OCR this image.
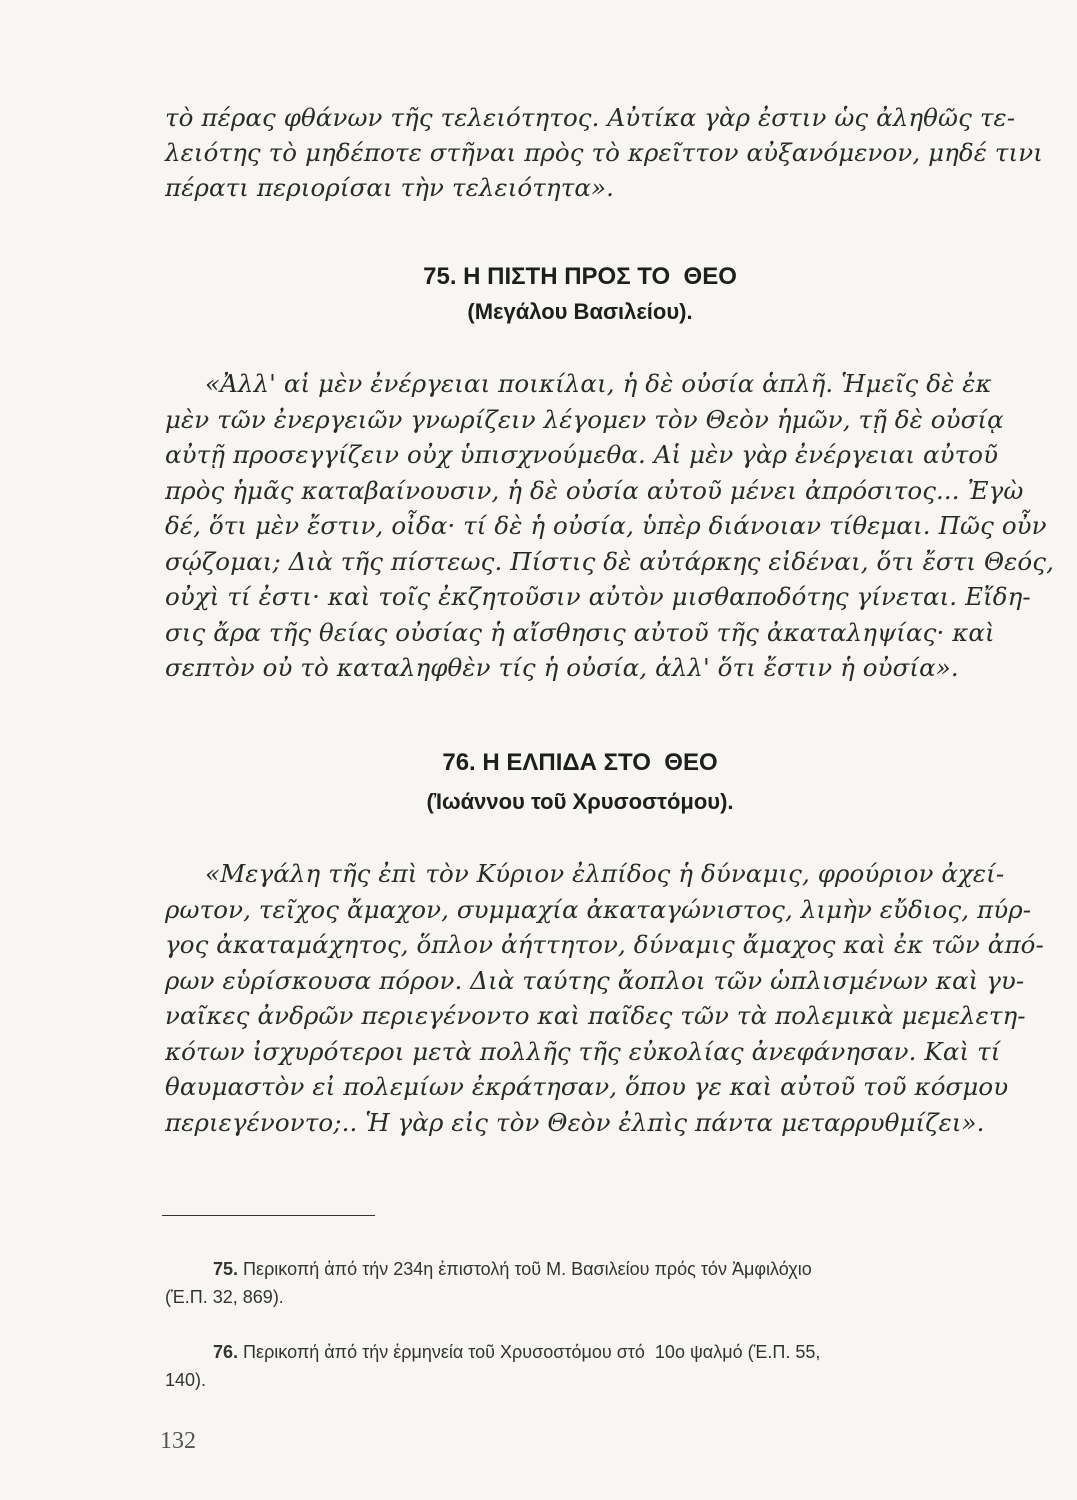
τὸ πέρας φθάνων τῆς τελειότητος. Αὐτίκα γὰρ ἐστιν ὡς ἀληθῶς τε-
λειότης τὸ μηδέποτε στῆναι πρὸς τὸ κρεῖττον αὐξανόμενον, μηδέ τινι
πέρατι περιορίσαι τὴν τελειότητα».
75. Η ΠΙΣΤΗ ΠΡΟΣ ΤΟ  ΘΕΟ
(Μεγάλου Βασιλείου).
«Ἀλλ' αἱ μὲν ἐνέργειαι ποικίλαι, ἡ δὲ οὐσία ἁπλῆ. Ἡμεῖς δὲ ἐκ
μὲν τῶν ἐνεργειῶν γνωρίζειν λέγομεν τὸν Θεὸν ἡμῶν, τῇ δὲ οὐσίᾳ
αὐτῇ προσεγγίζειν οὐχ ὑπισχνούμεθα. Αἱ μὲν γὰρ ἐνέργειαι αὐτοῦ
πρὸς ἡμᾶς καταβαίνουσιν, ἡ δὲ οὐσία αὐτοῦ μένει ἀπρόσιτος... Ἐγὼ
δέ, ὅτι μὲν ἔστιν, οἶδα· τί δὲ ἡ οὐσία, ὑπὲρ διάνοιαν τίθεμαι. Πῶς οὖν
σῴζομαι; Διὰ τῆς πίστεως. Πίστις δὲ αὐτάρκης εἰδέναι, ὅτι ἔστι Θεός,
οὐχὶ τί ἐστι· καὶ τοῖς ἐκζητοῦσιν αὐτὸν μισθαποδότης γίνεται. Εἴδη-
σις ἄρα τῆς θείας οὐσίας ἡ αἴσθησις αὐτοῦ τῆς ἀκαταληψίας· καὶ
σεπτὸν οὐ τὸ καταληφθὲν τίς ἡ οὐσία, ἀλλ' ὅτι ἔστιν ἡ οὐσία».
76. Η ΕΛΠΙΔΑ ΣΤΟ  ΘΕΟ
(Ἰωάννου τοῦ Χρυσοστόμου).
«Μεγάλη τῆς ἐπὶ τὸν Κύριον ἐλπίδος ἡ δύναμις, φρούριον ἀχεί-
ρωτον, τεῖχος ἄμαχον, συμμαχία ἀκαταγώνιστος, λιμὴν εὔδιος, πύρ-
γος ἀκαταμάχητος, ὅπλον ἀήττητον, δύναμις ἄμαχος καὶ ἐκ τῶν ἀπό-
ρων εὑρίσκουσα πόρον. Διὰ ταύτης ἄοπλοι τῶν ὡπλισμένων καὶ γυ-
ναῖκες ἀνδρῶν περιεγένοντο καὶ παῖδες τῶν τὰ πολεμικὰ μεμελετη-
κότων ἰσχυρότεροι μετὰ πολλῆς τῆς εὐκολίας ἀνεφάνησαν. Καὶ τί
θαυμαστὸν εἰ πολεμίων ἐκράτησαν, ὅπου γε καὶ αὐτοῦ τοῦ κόσμου
περιεγένοντο;.. Ἡ γὰρ εἰς τὸν Θεὸν ἐλπὶς πάντα μεταρρυθμίζει».
75. Περικοπή ἀπό τήν 234η ἐπιστολή τοῦ Μ. Βασιλείου πρός τόν Ἀμφιλόχιο
(Ἑ.Π. 32, 869).
76. Περικοπή ἀπό τήν ἑρμηνεία τοῦ Χρυσοστόμου στό  10ο ψαλμό (Ἑ.Π. 55,
140).
132
